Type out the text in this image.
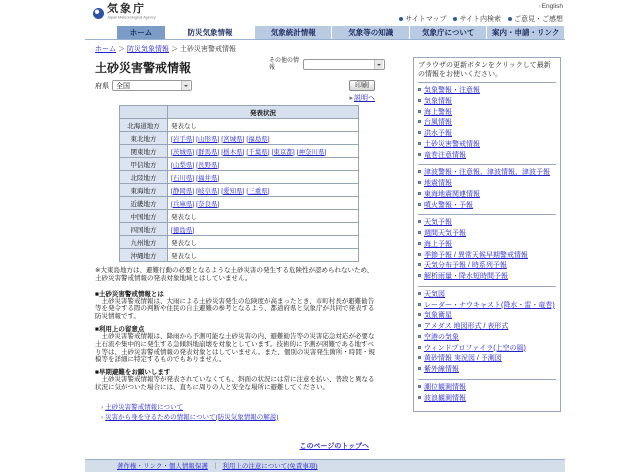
気象庁
Japan Meteorological Agency
› English
サイトマップ サイト内検索 ご意見・ご感想
ホーム	防災気象情報	気象統計情報	気象等の知識	気象庁について	案内・申請・リンク
ホーム ＞ 防災気象情報 ＞ 土砂災害警戒情報
土砂災害警戒情報	その他の情報
府県	全国	印刷
▸ 説明へ
	発表状況
北海道地方	発表なし
東北地方	[ 岩手県 ] [ 山形県 ] [ 宮城県 ] [ 福島県 ]
関東地方	[ 茨城県 ] [ 群馬県 ] [ 栃木県 ] [ 千葉県 ] [ 東京都 ] [ 神奈川県 ]
甲信地方	[ 山梨県 ] [ 長野県 ]
北陸地方	[ 石川県 ] [ 福井県 ]
東海地方	[ 静岡県 ] [ 岐阜県 ] [ 愛知県 ] [ 三重県 ]
近畿地方	[ 兵庫県 ] [ 奈良県 ]
中国地方	発表なし
四国地方	[ 徳島県 ]
九州地方	発表なし
沖縄地方	発表なし

※大東島地方は、避難行動の必要となるような土砂災害の発生する危険性が認められないため、土砂災害警戒情報の発表対象地域とはしていません。

■土砂災害警戒情報とは

　土砂災害警戒情報は、大雨による土砂災害発生の危険度が高まったとき、市町村長が避難勧告等を発令する際の判断や住民の自主避難の参考となるよう、都道府県と気象庁が共同で発表する防災情報です。

■利用上の留意点

　土砂災害警戒情報は、降雨から予測可能な土砂災害の内、避難勧告等の災害応急対応が必要な土石流や集中的に発生する急傾斜地崩壊を対象としています。技術的に予測が困難である地すべり等は、土砂災害警戒情報の発表対象とはしていません。また、個別の災害発生箇所・時間・規模等を詳細に特定するものでもありません。

■早期避難をお願いします

　土砂災害警戒情報等が発表されていなくても、斜面の状況には常に注意を払い、普段と異なる状況に気がついた場合には、直ちに周りの人と安全な場所に避難してください。

› 土砂災害警戒情報について
› 災害から身を守るための情報について(防災気象情報の解説)
このページのトップへ

ブラウザの更新ボタンをクリックして最新の情報をお使いください。

気象警報・注意報
気象情報
海上警報
台風情報
洪水予報
土砂災害警戒情報
竜巻注意情報
津波警報・注意報、津波情報、津波予報
地震情報
東海地震関連情報
噴火警報・予報
天気予報
週間天気予報
海上予報
季節予報 / 異常天候早期警戒情報
天気分布予報 / 時系列予報
解析雨量・降水短時間予報
天気図
レーダー・ナウキャスト(降水・雷・竜巻)
気象衛星
アメダス 地図形式 / 表形式
空港の気象
ウィンドプロファイラ(上空の風)
黄砂情報 実況図 / 予測図
紫外線情報
潮位観測情報
波浪観測情報
著作権・リンク・個人情報保護 ｜ 利用上の注意について(免責事項)
